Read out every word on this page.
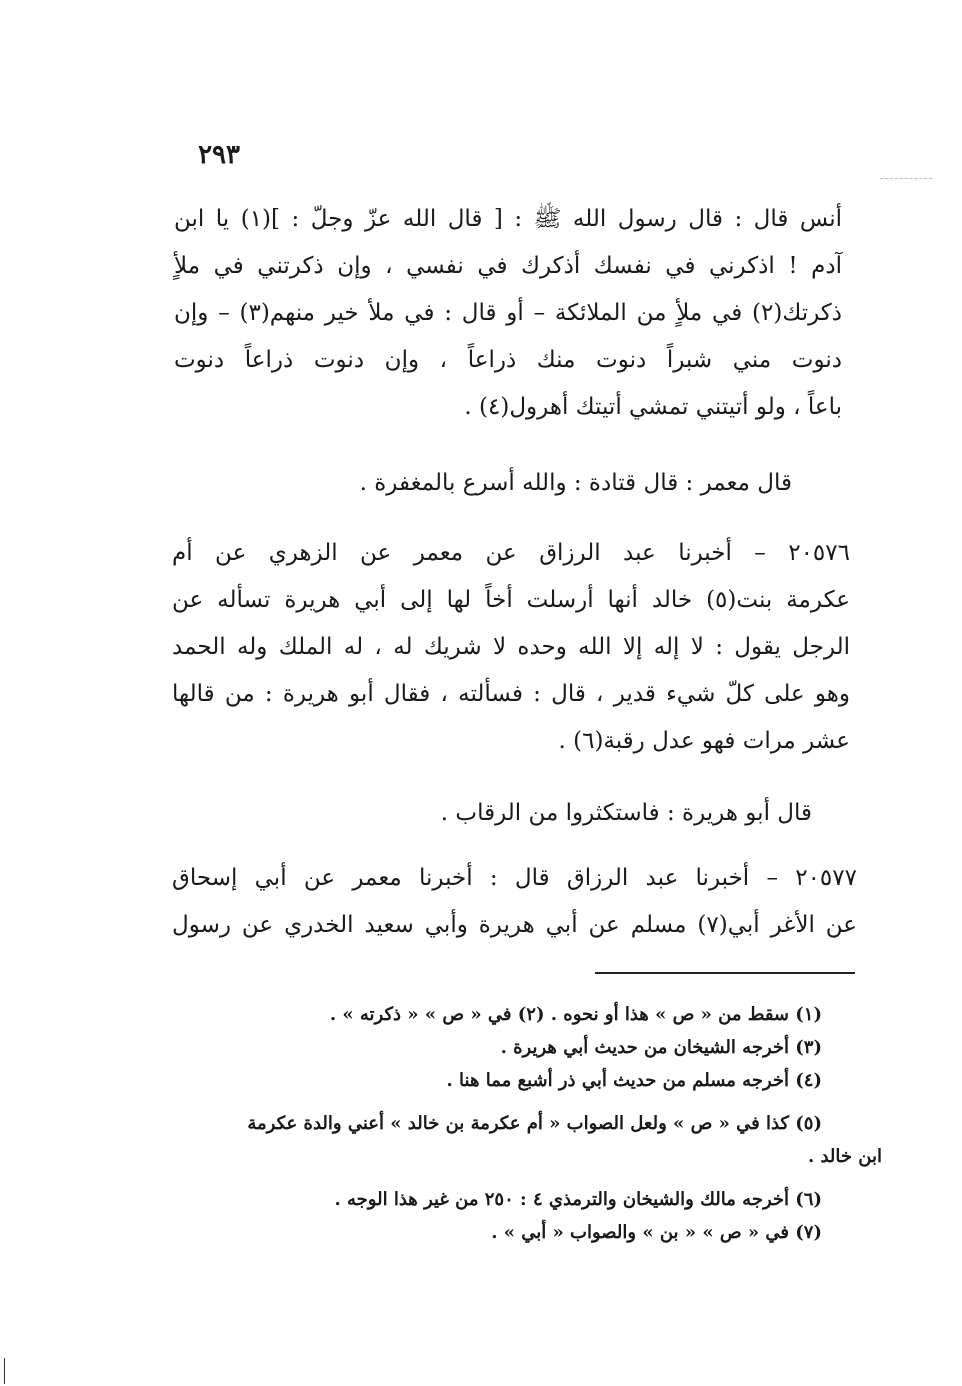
٢٩٣
أنس قال : قال رسول الله ﷺ : [ قال الله عزّ وجلّ : ](١) يا ابن
آدم ! اذكرني في نفسك أذكرك في نفسي ، وإن ذكرتني في ملأٍ
ذكرتك(٢) في ملأٍ من الملائكة – أو قال : في ملأ خير منهم(٣) – وإن
دنوت مني شبراً دنوت منك ذراعاً ، وإن دنوت ذراعاً دنوت
باعاً ، ولو أتيتني تمشي أتيتك أهرول(٤) .
قال معمر : قال قتادة : والله أسرع بالمغفرة .
٢٠٥٧٦ – أخبرنا عبد الرزاق عن معمر عن الزهري عن أم
عكرمة بنت(٥) خالد أنها أرسلت أخاً لها إلى أبي هريرة تسأله عن
الرجل يقول : لا إله إلا الله وحده لا شريك له ، له الملك وله الحمد
وهو على كلّ شيء قدير ، قال : فسألته ، فقال أبو هريرة : من قالها
عشر مرات فهو عدل رقبة(٦) .
قال أبو هريرة : فاستكثروا من الرقاب .
٢٠٥٧٧ – أخبرنا عبد الرزاق قال : أخبرنا معمر عن أبي إسحاق
عن الأغر أبي(٧) مسلم عن أبي هريرة وأبي سعيد الخدري عن رسول
(١) سقط من « ص » هذا أو نحوه . (٢) في « ص » « ذكرته » .
(٣) أخرجه الشيخان من حديث أبي هريرة .
(٤) أخرجه مسلم من حديث أبي ذر أشبع مما هنا .
(٥) كذا في « ص » ولعل الصواب « أم عكرمة بن خالد » أعني والدة عكرمة
ابن خالد .
(٦) أخرجه مالك والشيخان والترمذي ٤ : ٢٥٠ من غير هذا الوجه .
(٧) في « ص » « بن » والصواب « أبي » .
